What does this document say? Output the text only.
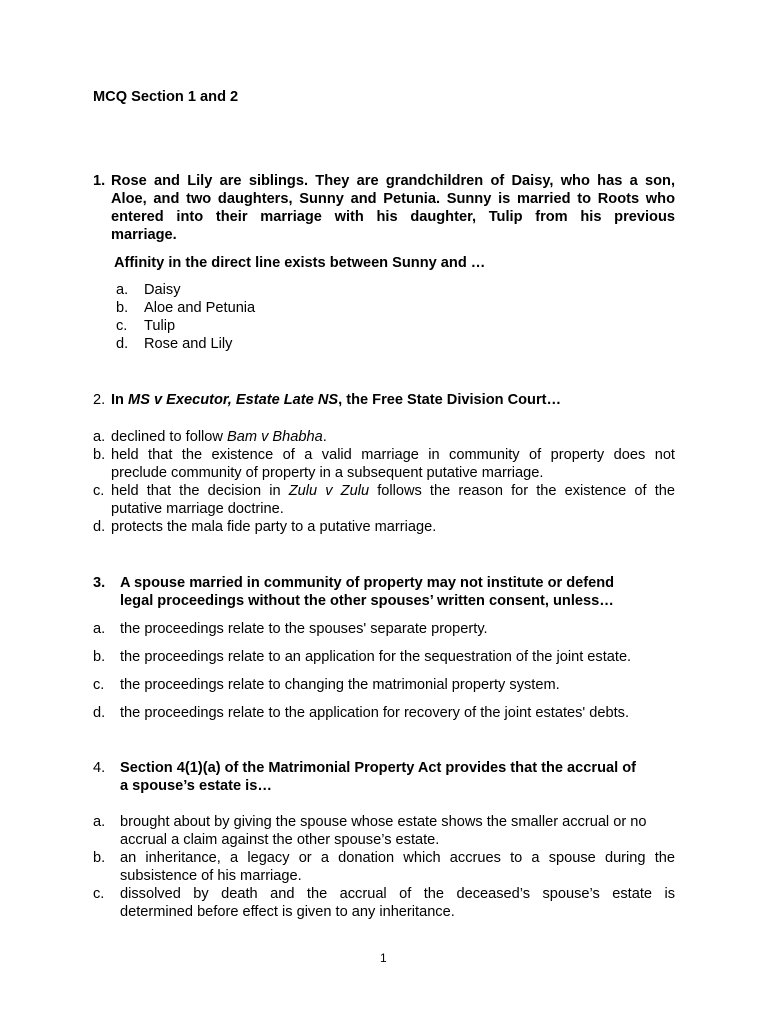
MCQ Section 1 and 2
1. Rose and Lily are siblings. They are grandchildren of Daisy, who has a son,
Aloe, and two daughters, Sunny and Petunia. Sunny is married to Roots who
entered into their marriage with his daughter, Tulip from his previous
marriage.
Affinity in the direct line exists between Sunny and …
a. Daisy
b. Aloe and Petunia
c. Tulip
d. Rose and Lily
2. In MS v Executor, Estate Late NS, the Free State Division Court…
a. declined to follow Bam v Bhabha.
b. held that the existence of a valid marriage in community of property does not
preclude community of property in a subsequent putative marriage.
c. held that the decision in Zulu v Zulu follows the reason for the existence of the
putative marriage doctrine.
d. protects the mala fide party to a putative marriage.
3. A spouse married in community of property may not institute or defend
legal proceedings without the other spouses’ written consent, unless…
a. the proceedings relate to the spouses' separate property.
b. the proceedings relate to an application for the sequestration of the joint estate.
c. the proceedings relate to changing the matrimonial property system.
d. the proceedings relate to the application for recovery of the joint estates' debts.
4. Section 4(1)(a) of the Matrimonial Property Act provides that the accrual of
a spouse’s estate is…
a. brought about by giving the spouse whose estate shows the smaller accrual or no
accrual a claim against the other spouse’s estate.
b. an inheritance, a legacy or a donation which accrues to a spouse during the
subsistence of his marriage.
c. dissolved by death and the accrual of the deceased’s spouse’s estate is
determined before effect is given to any inheritance.
1
